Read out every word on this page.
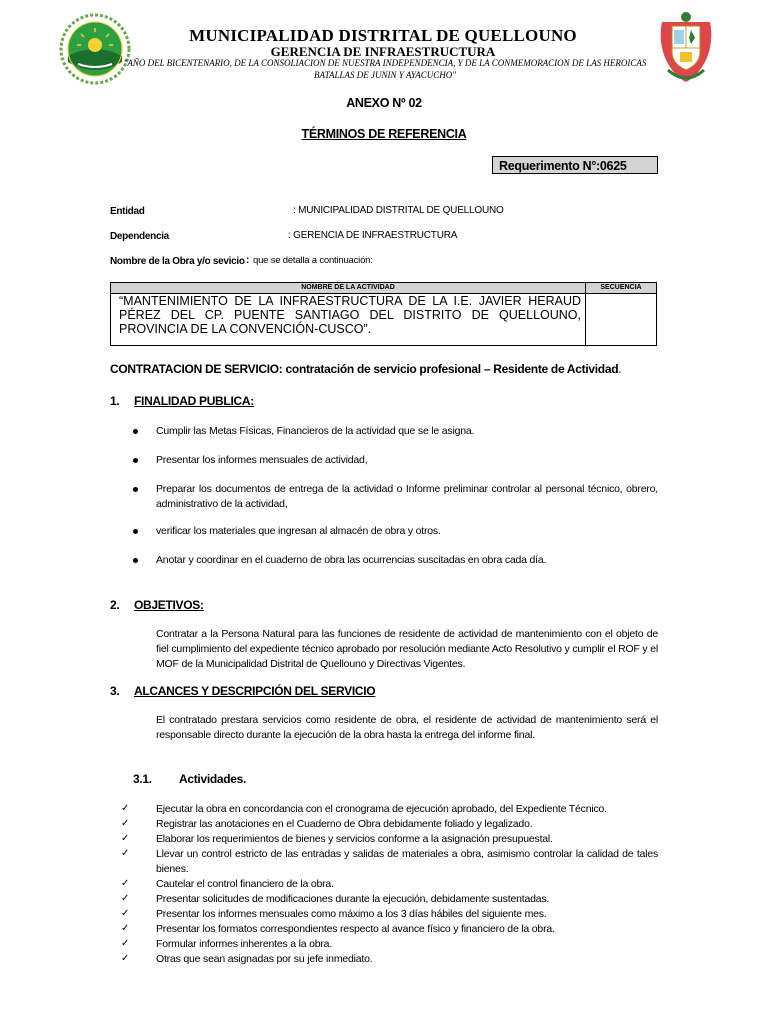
MUNICIPALIDAD DISTRITAL DE QUELLOUNO
GERENCIA DE INFRAESTRUCTURA
"AÑO DEL BICENTENARIO, DE LA CONSOLIACION DE NUESTRA INDEPENDENCIA, Y DE LA CONMEMORACION DE LAS HEROICAS
BATALLAS DE JUNIN Y AYACUCHO"
ANEXO Nº 02
TÉRMINOS DE REFERENCIA
Requerimento N°:0625
Entidad	: MUNICIPALIDAD DISTRITAL DE QUELLOUNO
Dependencia	: GERENCIA DE INFRAESTRUCTURA
Nombre de la Obra y/o sevicio : que se detalla a continuación:
NOMBRE DE LA ACTIVIDAD	SECUENCIA
“MANTENIMIENTO DE LA INFRAESTRUCTURA DE LA I.E. JAVIER HERAUD PÉREZ DEL CP. PUENTE SANTIAGO DEL DISTRITO DE QUELLOUNO, PROVINCIA DE LA CONVENCIÓN-CUSCO”.
CONTRATACION DE SERVICIO: contratación de servicio profesional – Residente de Actividad.
1. FINALIDAD PUBLICA:
Cumplir las Metas Físicas, Financieros de la actividad que se le asigna.
Presentar los informes mensuales de actividad,
Preparar los documentos de entrega de la actividad o Informe preliminar controlar al personal técnico, obrero, administrativo de la actividad,
verificar los materiales que ingresan al almacén de obra y otros.
Anotar y coordinar en el cuaderno de obra las ocurrencias suscitadas en obra cada día.
2. OBJETIVOS:
Contratar a la Persona Natural para las funciones de residente de actividad de mantenimiento con el objeto de fiel cumplimiento del expediente técnico aprobado por resolución mediante Acto Resolutivo y cumplir el ROF y el MOF de la Municipalidad Distrital de Quellouno y Directivas Vigentes.
3. ALCANCES Y DESCRIPCIÓN DEL SERVICIO
El contratado prestara servicios como residente de obra, el residente de actividad de mantenimiento será el responsable directo durante la ejecución de la obra hasta la entrega del informe final.
3.1. Actividades.
✓	Ejecutar la obra en concordancia con el cronograma de ejecución aprobado, del Expediente Técnico.
✓	Registrar las anotaciones en el Cuaderno de Obra debidamente foliado y legalizado.
✓	Elaborar los requerimientos de bienes y servicios conforme a la asignación presupuestal.
✓	Llevar un control estricto de las entradas y salidas de materiales a obra, asimismo controlar la calidad de tales bienes.
✓	Cautelar el control financiero de la obra.
✓	Presentar solicitudes de modificaciones durante la ejecución, debidamente sustentadas.
✓	Presentar los informes mensuales como máximo a los 3 días hábiles del siguiente mes.
✓	Presentar los formatos correspondientes respecto al avance físico y financiero de la obra.
✓	Formular informes inherentes a la obra.
✓	Otras que sean asignadas por su jefe inmediato.
